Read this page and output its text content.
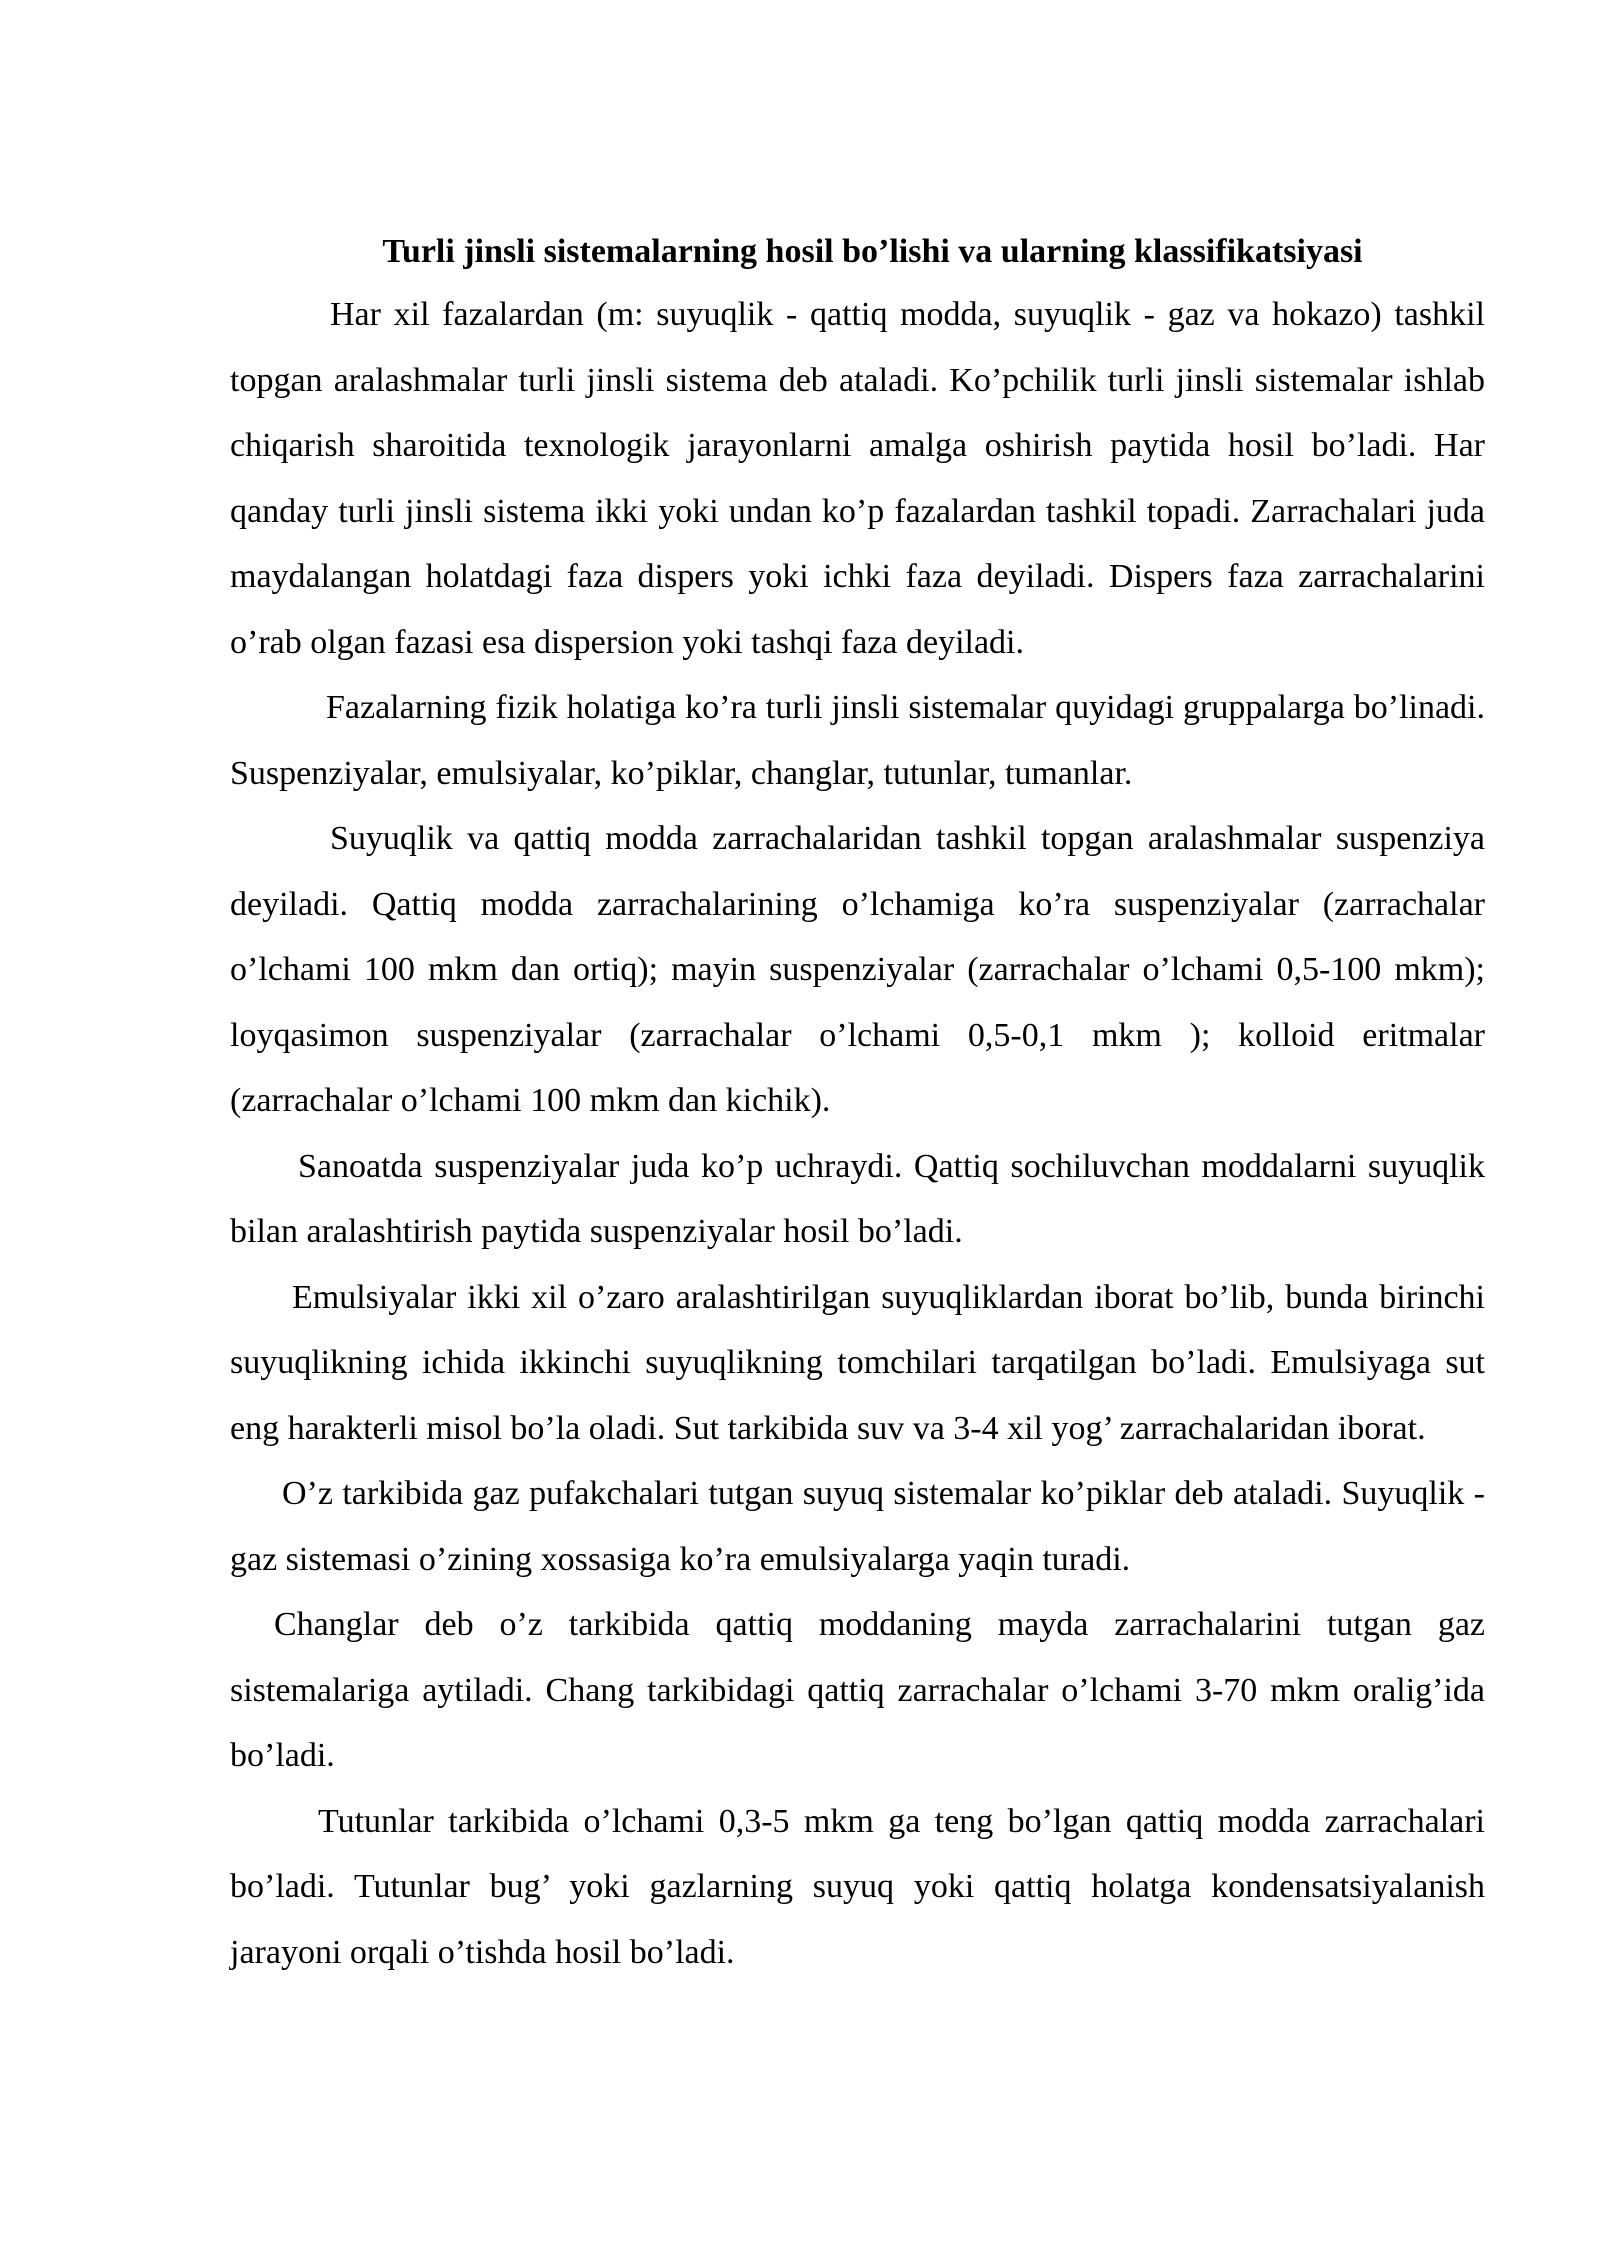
Turli jinsli sistemalarning hosil bo’lishi va ularning klassifikatsiyasi

Har xil fazalardan (m: suyuqlik - qattiq modda, suyuqlik - gaz va hokazo) tashkil topgan aralashmalar turli jinsli sistema deb ataladi. Ko’pchilik turli jinsli sistemalar ishlab chiqarish sharoitida texnologik jarayonlarni amalga oshirish paytida hosil bo’ladi. Har qanday turli jinsli sistema ikki yoki undan ko’p fazalardan tashkil topadi. Zarrachalari juda maydalangan holatdagi faza dispers yoki ichki faza deyiladi. Dispers faza zarrachalarini o’rab olgan fazasi esa dispersion yoki tashqi faza deyiladi.

Fazalarning fizik holatiga ko’ra turli jinsli sistemalar quyidagi gruppalarga bo’linadi. Suspenziyalar, emulsiyalar, ko’piklar, changlar, tutunlar, tumanlar.

Suyuqlik va qattiq modda zarrachalaridan tashkil topgan aralashmalar suspenziya deyiladi. Qattiq modda zarrachalarining o’lchamiga ko’ra suspenziyalar (zarrachalar o’lchami 100 mkm dan ortiq); mayin suspenziyalar (zarrachalar o’lchami 0,5-100 mkm); loyqasimon suspenziyalar (zarrachalar o’lchami 0,5-0,1 mkm ); kolloid eritmalar (zarrachalar o’lchami 100 mkm dan kichik).

Sanoatda suspenziyalar juda ko’p uchraydi. Qattiq sochiluvchan moddalarni suyuqlik bilan aralashtirish paytida suspenziyalar hosil bo’ladi.

Emulsiyalar ikki xil o’zaro aralashtirilgan suyuqliklardan iborat bo’lib, bunda birinchi suyuqlikning ichida ikkinchi suyuqlikning tomchilari tarqatilgan bo’ladi. Emulsiyaga sut eng harakterli misol bo’la oladi. Sut tarkibida suv va 3-4 xil yog’ zarrachalaridan iborat.

O’z tarkibida gaz pufakchalari tutgan suyuq sistemalar ko’piklar deb ataladi. Suyuqlik - gaz sistemasi o’zining xossasiga ko’ra emulsiyalarga yaqin turadi.

Changlar deb o’z tarkibida qattiq moddaning mayda zarrachalarini tutgan gaz sistemalariga aytiladi. Chang tarkibidagi qattiq zarrachalar o’lchami 3-70 mkm oralig’ida bo’ladi.

Tutunlar tarkibida o’lchami 0,3-5 mkm ga teng bo’lgan qattiq modda zarrachalari bo’ladi. Tutunlar bug’ yoki gazlarning suyuq yoki qattiq holatga kondensatsiyalanish jarayoni orqali o’tishda hosil bo’ladi.
